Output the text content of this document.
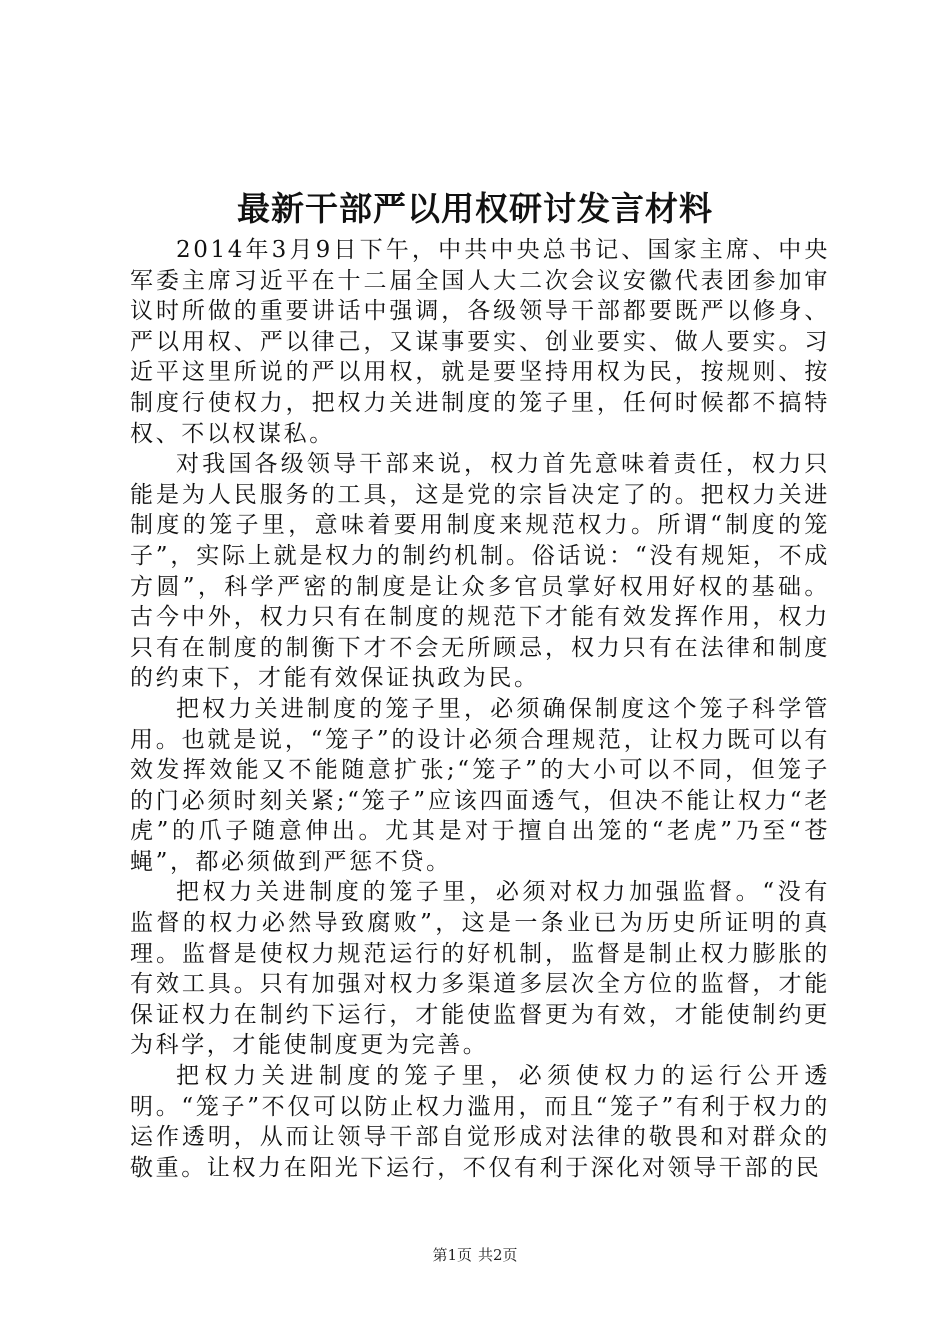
最新干部严以用权研讨发言材料

2014年3月9日下午，中共中央总书记、国家主席、中央军委主席习近平在十二届全国人大二次会议安徽代表团参加审议时所做的重要讲话中强调，各级领导干部都要既严以修身、严以用权、严以律己，又谋事要实、创业要实、做人要实。习近平这里所说的严以用权，就是要坚持用权为民，按规则、按制度行使权力，把权力关进制度的笼子里，任何时候都不搞特权、不以权谋私。

对我国各级领导干部来说，权力首先意味着责任，权力只能是为人民服务的工具，这是党的宗旨决定了的。把权力关进制度的笼子里，意味着要用制度来规范权力。所谓“制度的笼子”，实际上就是权力的制约机制。俗话说：“没有规矩，不成方圆”，科学严密的制度是让众多官员掌好权用好权的基础。古今中外，权力只有在制度的规范下才能有效发挥作用，权力只有在制度的制衡下才不会无所顾忌，权力只有在法律和制度的约束下，才能有效保证执政为民。

把权力关进制度的笼子里，必须确保制度这个笼子科学管用。也就是说，“笼子”的设计必须合理规范，让权力既可以有效发挥效能又不能随意扩张;“笼子”的大小可以不同，但笼子的门必须时刻关紧;“笼子”应该四面透气，但决不能让权力“老虎”的爪子随意伸出。尤其是对于擅自出笼的“老虎”乃至“苍蝇”，都必须做到严惩不贷。

把权力关进制度的笼子里，必须对权力加强监督。“没有监督的权力必然导致腐败”，这是一条业已为历史所证明的真理。监督是使权力规范运行的好机制，监督是制止权力膨胀的有效工具。只有加强对权力多渠道多层次全方位的监督，才能保证权力在制约下运行，才能使监督更为有效，才能使制约更为科学，才能使制度更为完善。

把权力关进制度的笼子里，必须使权力的运行公开透明。“笼子”不仅可以防止权力滥用，而且“笼子”有利于权力的运作透明，从而让领导干部自觉形成对法律的敬畏和对群众的敬重。让权力在阳光下运行，不仅有利于深化对领导干部的民

第1页 共2页
